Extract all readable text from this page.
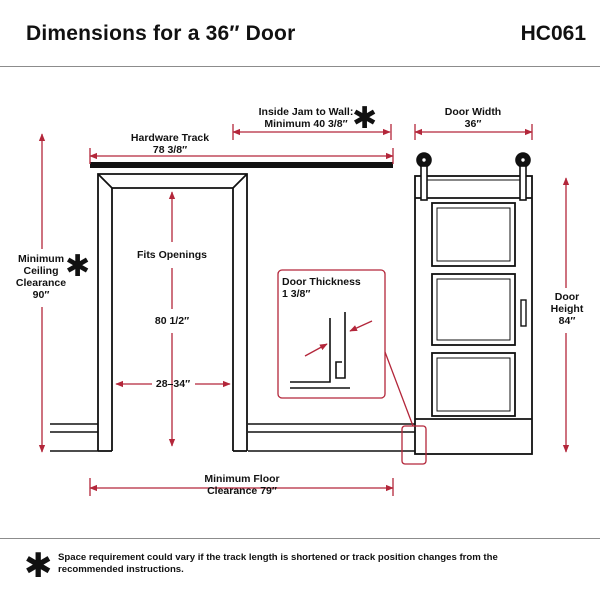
Dimensions for a 36″ Door	HC061
Inside Jam to Wall:
Minimum 40 3/8″ ✱	Door Width
36″
Hardware Track
78 3/8″
Minimum
Ceiling
Clearance
90″
✱	Fits Openings
80 1/2″
28–34″
Door Thickness
1 3/8″	Door
Height
84″
Minimum Floor
Clearance 79″
✱ Space requirement could vary if the track length is shortened or track position changes from the recommended instructions.
